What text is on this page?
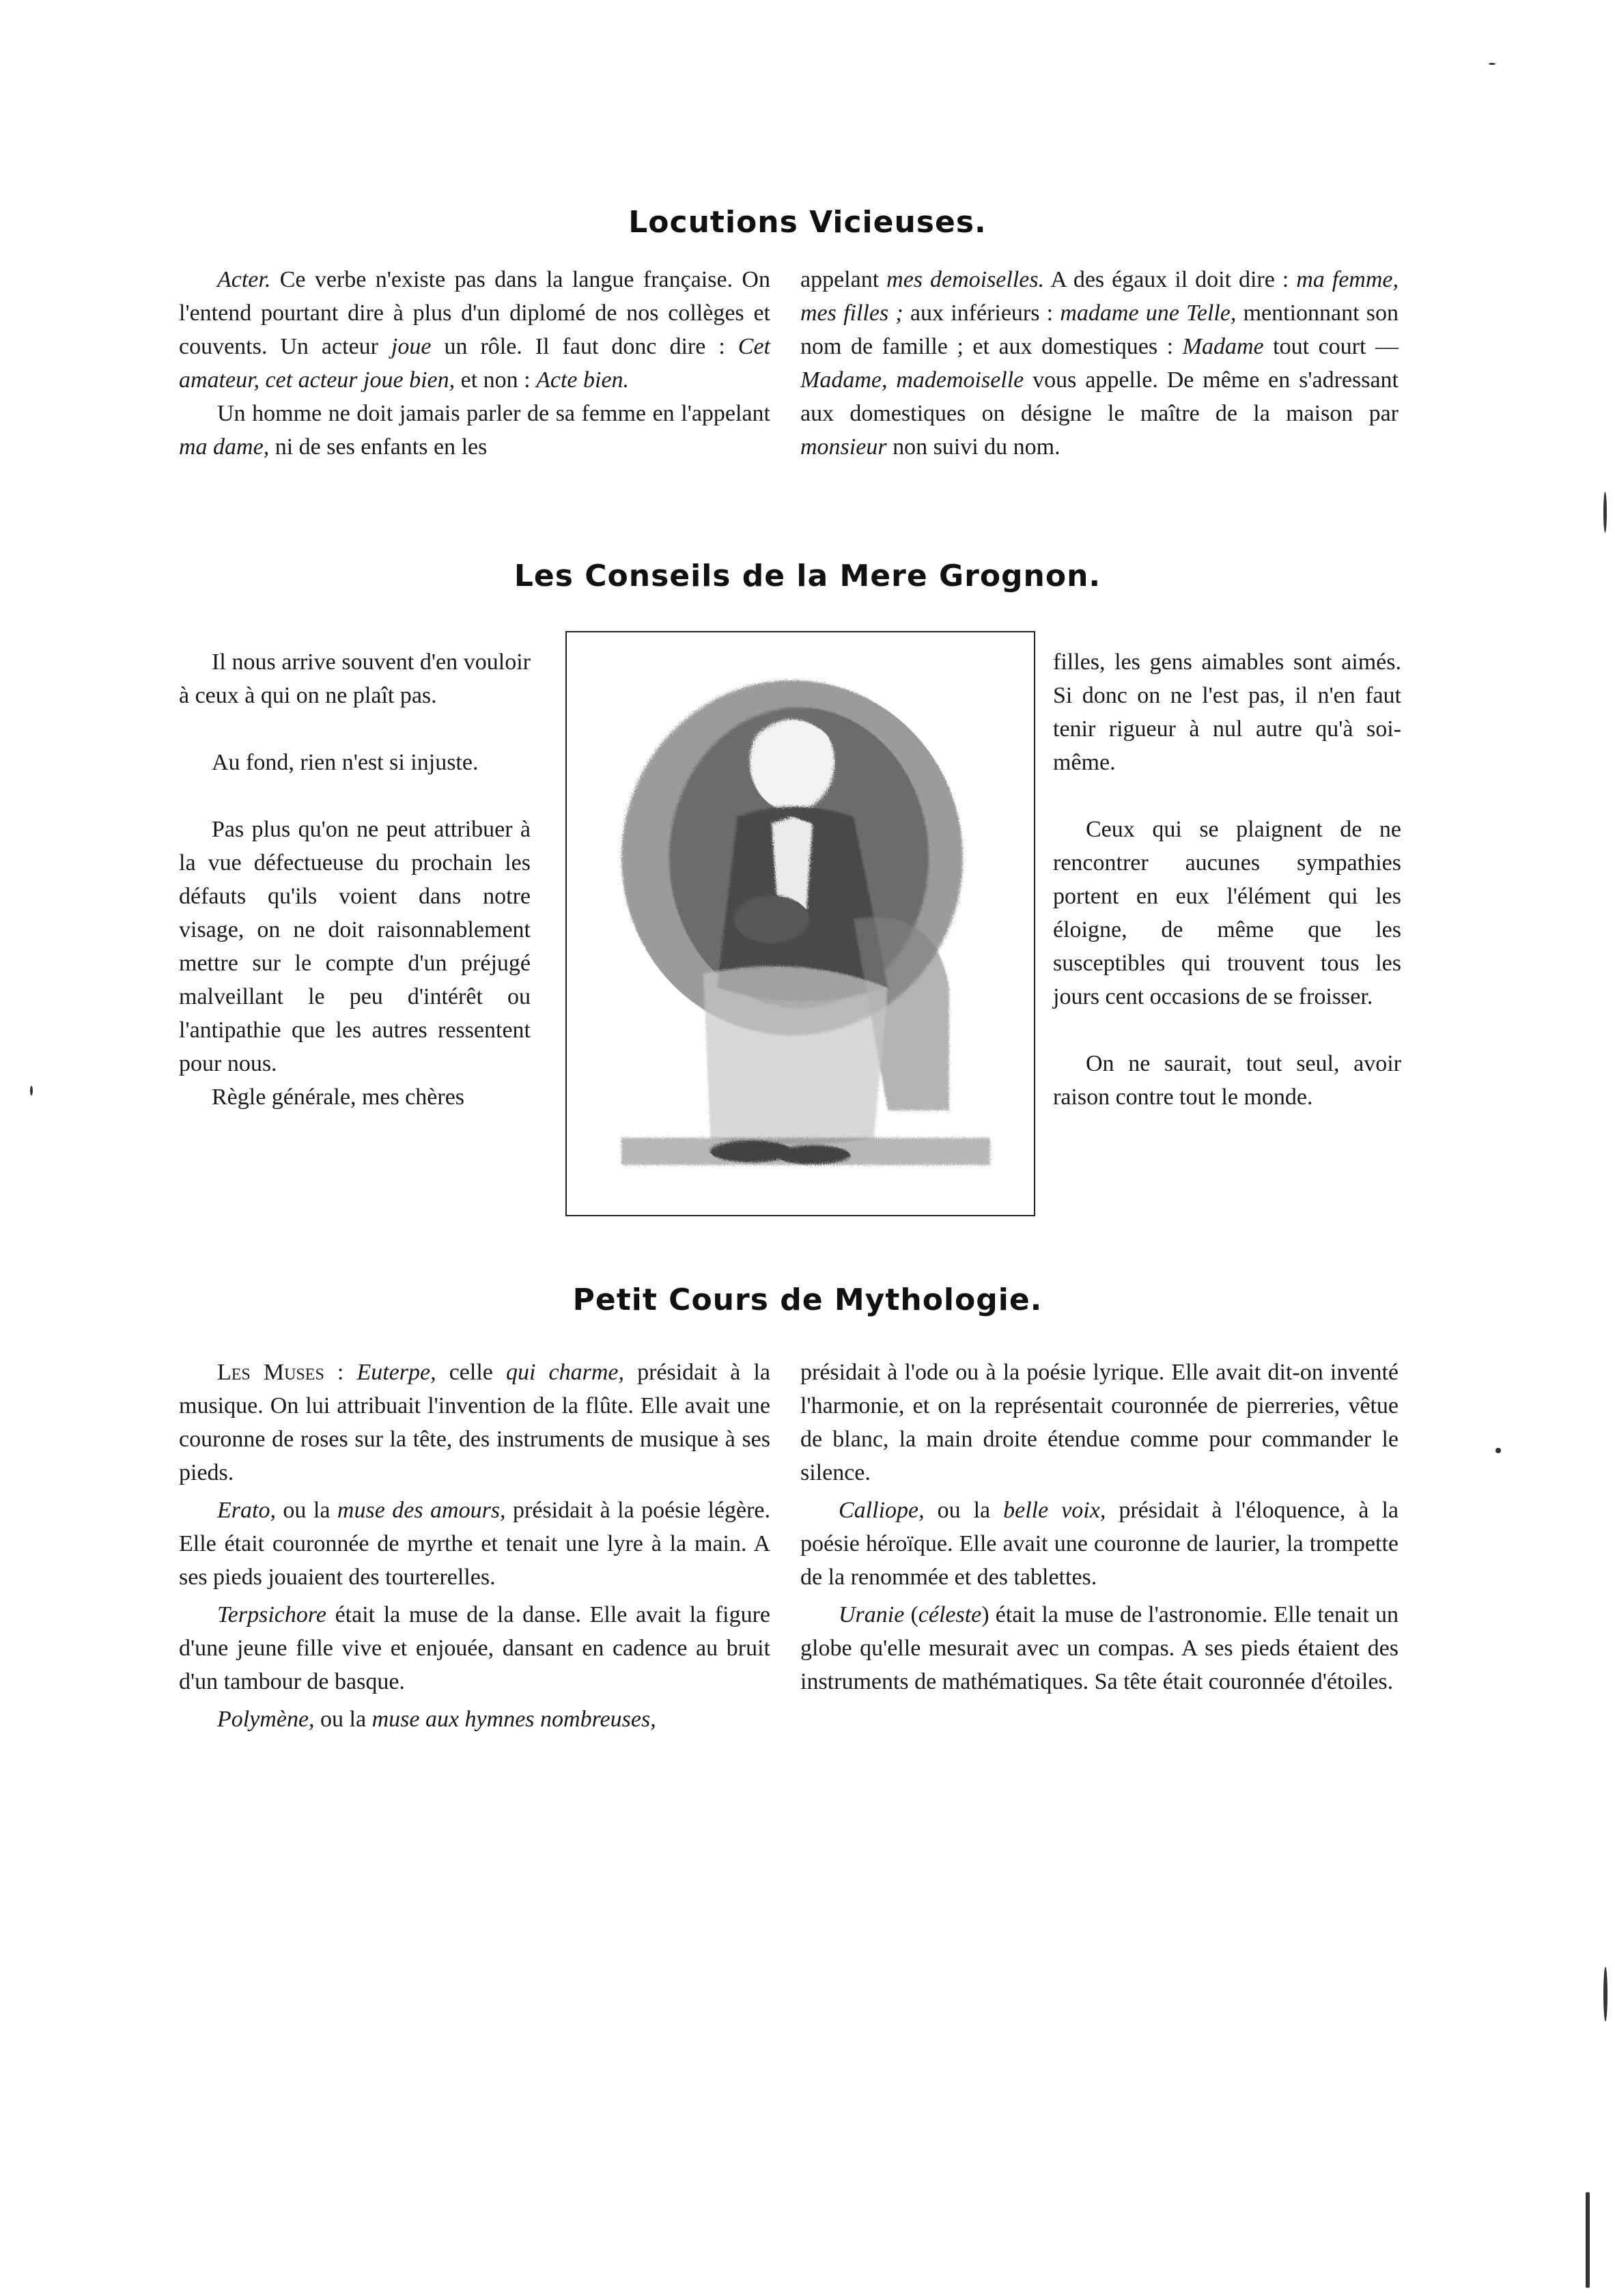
Locutions Vicieuses.

Acter. Ce verbe n'existe pas dans la langue française. On l'entend pourtant dire à plus d'un diplomé de nos collèges et couvents. Un acteur joue un rôle. Il faut donc dire : Cet amateur, cet acteur joue bien, et non : Acte bien.

Un homme ne doit jamais parler de sa femme en l'appelant ma dame, ni de ses enfants en les

appelant mes demoiselles. A des égaux il doit dire : ma femme, mes filles ; aux inférieurs : madame une Telle, mentionnant son nom de famille ; et aux domestiques : Madame tout court — Madame, mademoiselle vous appelle. De même en s'adressant aux domestiques on désigne le maître de la maison par monsieur non suivi du nom.

Les Conseils de la Mere Grognon.

Il nous arrive souvent d'en vouloir à ceux à qui on ne plaît pas.

Au fond, rien n'est si injuste.

Pas plus qu'on ne peut attribuer à la vue défectueuse du prochain les défauts qu'ils voient dans notre visage, on ne doit raisonnablement mettre sur le compte d'un préjugé malveillant le peu d'intérêt ou l'antipathie que les autres ressentent pour nous.

Règle générale, mes chères

filles, les gens aimables sont aimés. Si donc on ne l'est pas, il n'en faut tenir rigueur à nul autre qu'à soi-même.

Ceux qui se plaignent de ne rencontrer aucunes sympathies portent en eux l'élément qui les éloigne, de même que les susceptibles qui trouvent tous les jours cent occasions de se froisser.

On ne saurait, tout seul, avoir raison contre tout le monde.

Petit Cours de Mythologie.

Les Muses : Euterpe, celle qui charme, présidait à la musique. On lui attribuait l'invention de la flûte. Elle avait une couronne de roses sur la tête, des instruments de musique à ses pieds.

Erato, ou la muse des amours, présidait à la poésie légère. Elle était couronnée de myrthe et tenait une lyre à la main. A ses pieds jouaient des tourterelles.

Terpsichore était la muse de la danse. Elle avait la figure d'une jeune fille vive et enjouée, dansant en cadence au bruit d'un tambour de basque.

Polymène, ou la muse aux hymnes nombreuses,

présidait à l'ode ou à la poésie lyrique. Elle avait dit-on inventé l'harmonie, et on la représentait couronnée de pierreries, vêtue de blanc, la main droite étendue comme pour commander le silence.

Calliope, ou la belle voix, présidait à l'éloquence, à la poésie héroïque. Elle avait une couronne de laurier, la trompette de la renommée et des tablettes.

Uranie (céleste) était la muse de l'astronomie. Elle tenait un globe qu'elle mesurait avec un compas. A ses pieds étaient des instruments de mathématiques. Sa tête était couronnée d'étoiles.
